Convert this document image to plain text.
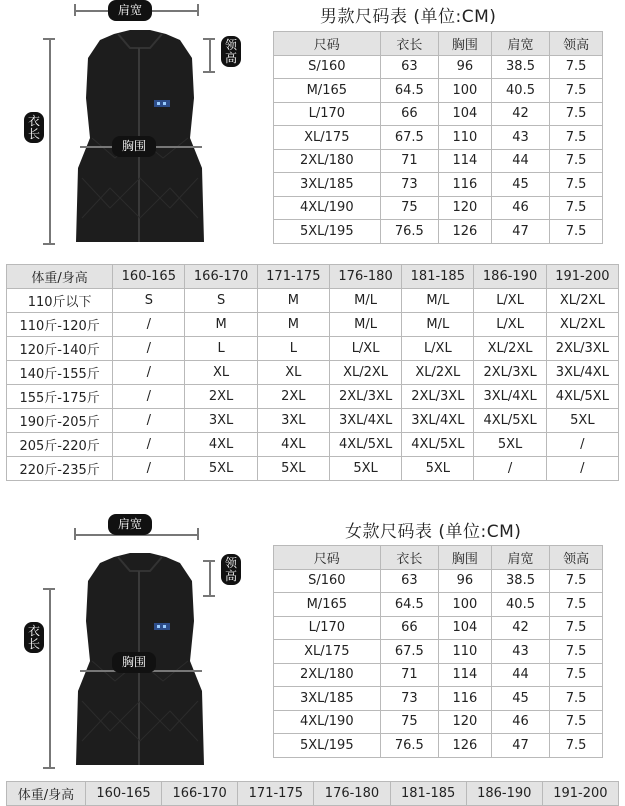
肩宽
领
高
衣
长
胸围
男款尺码表 (单位:CM)
尺码	衣长	胸围	肩宽	领高
S/160	63	96	38.5	7.5
M/165	64.5	100	40.5	7.5
L/170	66	104	42	7.5
XL/175	67.5	110	43	7.5
2XL/180	71	114	44	7.5
3XL/185	73	116	45	7.5
4XL/190	75	120	46	7.5
5XL/195	76.5	126	47	7.5
体重/身高	160-165	166-170	171-175	176-180	181-185	186-190	191-200
110斤以下	S	S	M	M/L	M/L	L/XL	XL/2XL
110斤-120斤	/	M	M	M/L	M/L	L/XL	XL/2XL
120斤-140斤	/	L	L	L/XL	L/XL	XL/2XL	2XL/3XL
140斤-155斤	/	XL	XL	XL/2XL	XL/2XL	2XL/3XL	3XL/4XL
155斤-175斤	/	2XL	2XL	2XL/3XL	2XL/3XL	3XL/4XL	4XL/5XL
190斤-205斤	/	3XL	3XL	3XL/4XL	3XL/4XL	4XL/5XL	5XL
205斤-220斤	/	4XL	4XL	4XL/5XL	4XL/5XL	5XL	/
220斤-235斤	/	5XL	5XL	5XL	5XL	/	/
肩宽
领
高
衣
长
胸围
女款尺码表 (单位:CM)
尺码	衣长	胸围	肩宽	领高
S/160	63	96	38.5	7.5
M/165	64.5	100	40.5	7.5
L/170	66	104	42	7.5
XL/175	67.5	110	43	7.5
2XL/180	71	114	44	7.5
3XL/185	73	116	45	7.5
4XL/190	75	120	46	7.5
5XL/195	76.5	126	47	7.5
体重/身高	160-165	166-170	171-175	176-180	181-185	186-190	191-200
